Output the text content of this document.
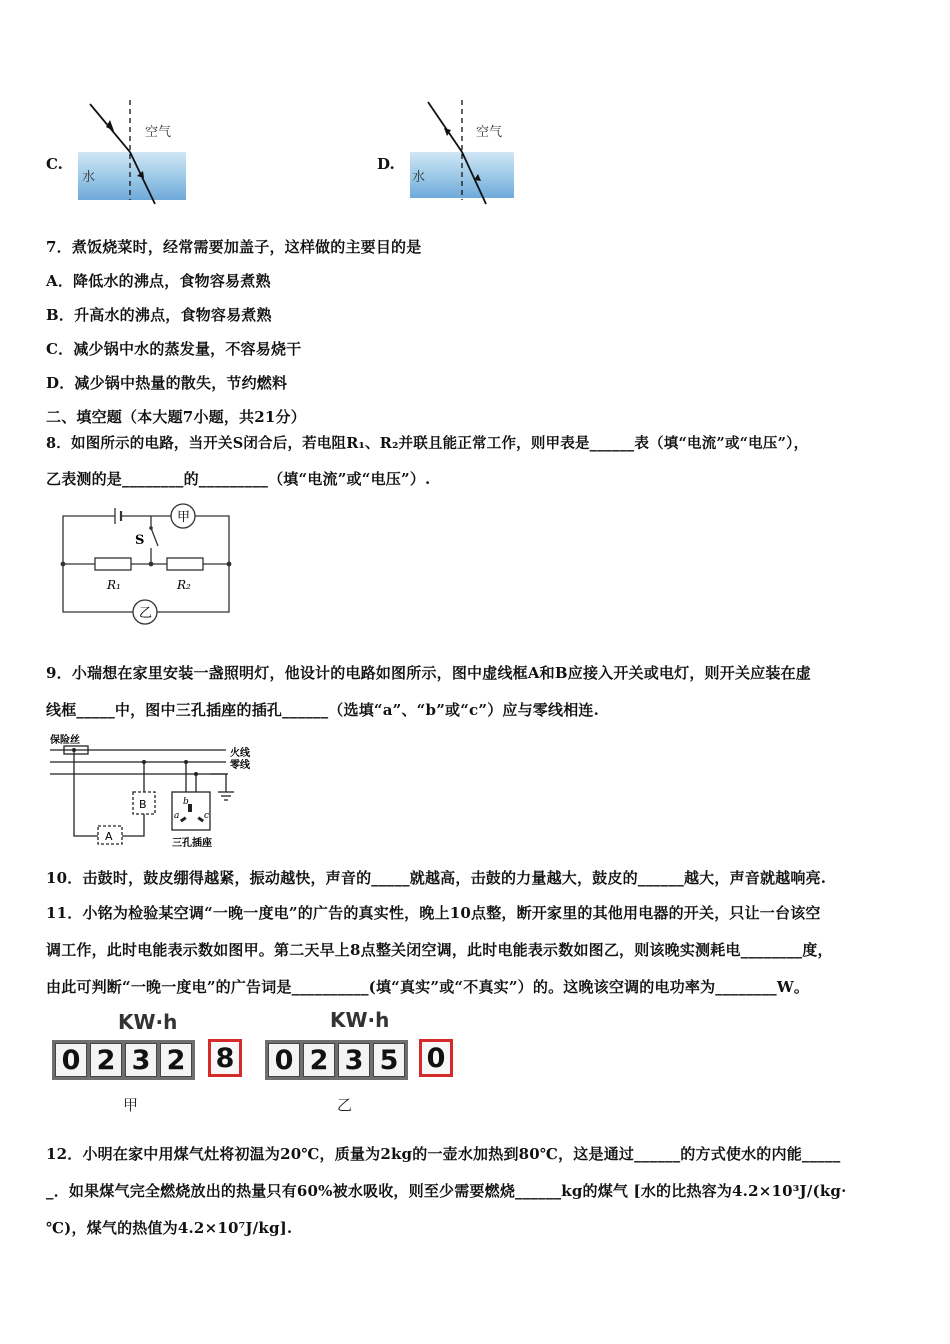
C.
空气
水
D.
空气
水
7．煮饭烧菜时，经常需要加盖子，这样做的主要目的是
A．降低水的沸点，食物容易煮熟
B．升高水的沸点，食物容易煮熟
C．减少锅中水的蒸发量，不容易烧干
D．减少锅中热量的散失，节约燃料
二、填空题（本大题7小题，共21分）
8．如图所示的电路，当开关S闭合后，若电阻R₁、R₂并联且能正常工作，则甲表是______表（填“电流”或“电压”），
乙表测的是________的_________（填“电流”或“电压”）.
甲
乙
S
R₁	R₂
9．小瑞想在家里安装一盏照明灯，他设计的电路如图所示，图中虚线框A和B应接入开关或电灯，则开关应装在虚
线框_____中，图中三孔插座的插孔______（选填“a”、“b”或“c”）应与零线相连.
保险丝
火线
零线
A
B	b
a	c
三孔插座
10．击鼓时，鼓皮绷得越紧，振动越快，声音的_____就越高，击鼓的力量越大，鼓皮的______越大，声音就越响亮.
11．小铭为检验某空调“一晚一度电”的广告的真实性，晚上10点整，断开家里的其他用电器的开关，只让一台该空
调工作，此时电能表示数如图甲。第二天早上8点整关闭空调，此时电能表示数如图乙，则该晚实测耗电________度，
由此可判断“一晚一度电”的广告词是__________(填“真实”或“不真实”）的。这晚该空调的电功率为________W。
KW·h
0 2 3 2 8
甲
KW·h
0 2 3 5 0
乙
12．小明在家中用煤气灶将初温为20℃，质量为2kg的一壶水加热到80℃，这是通过______的方式使水的内能_____
_．如果煤气完全燃烧放出的热量只有60%被水吸收，则至少需要燃烧______kg的煤气 [水的比热容为4.2×10³J/(kg·
℃)，煤气的热值为4.2×10⁷J/kg].
